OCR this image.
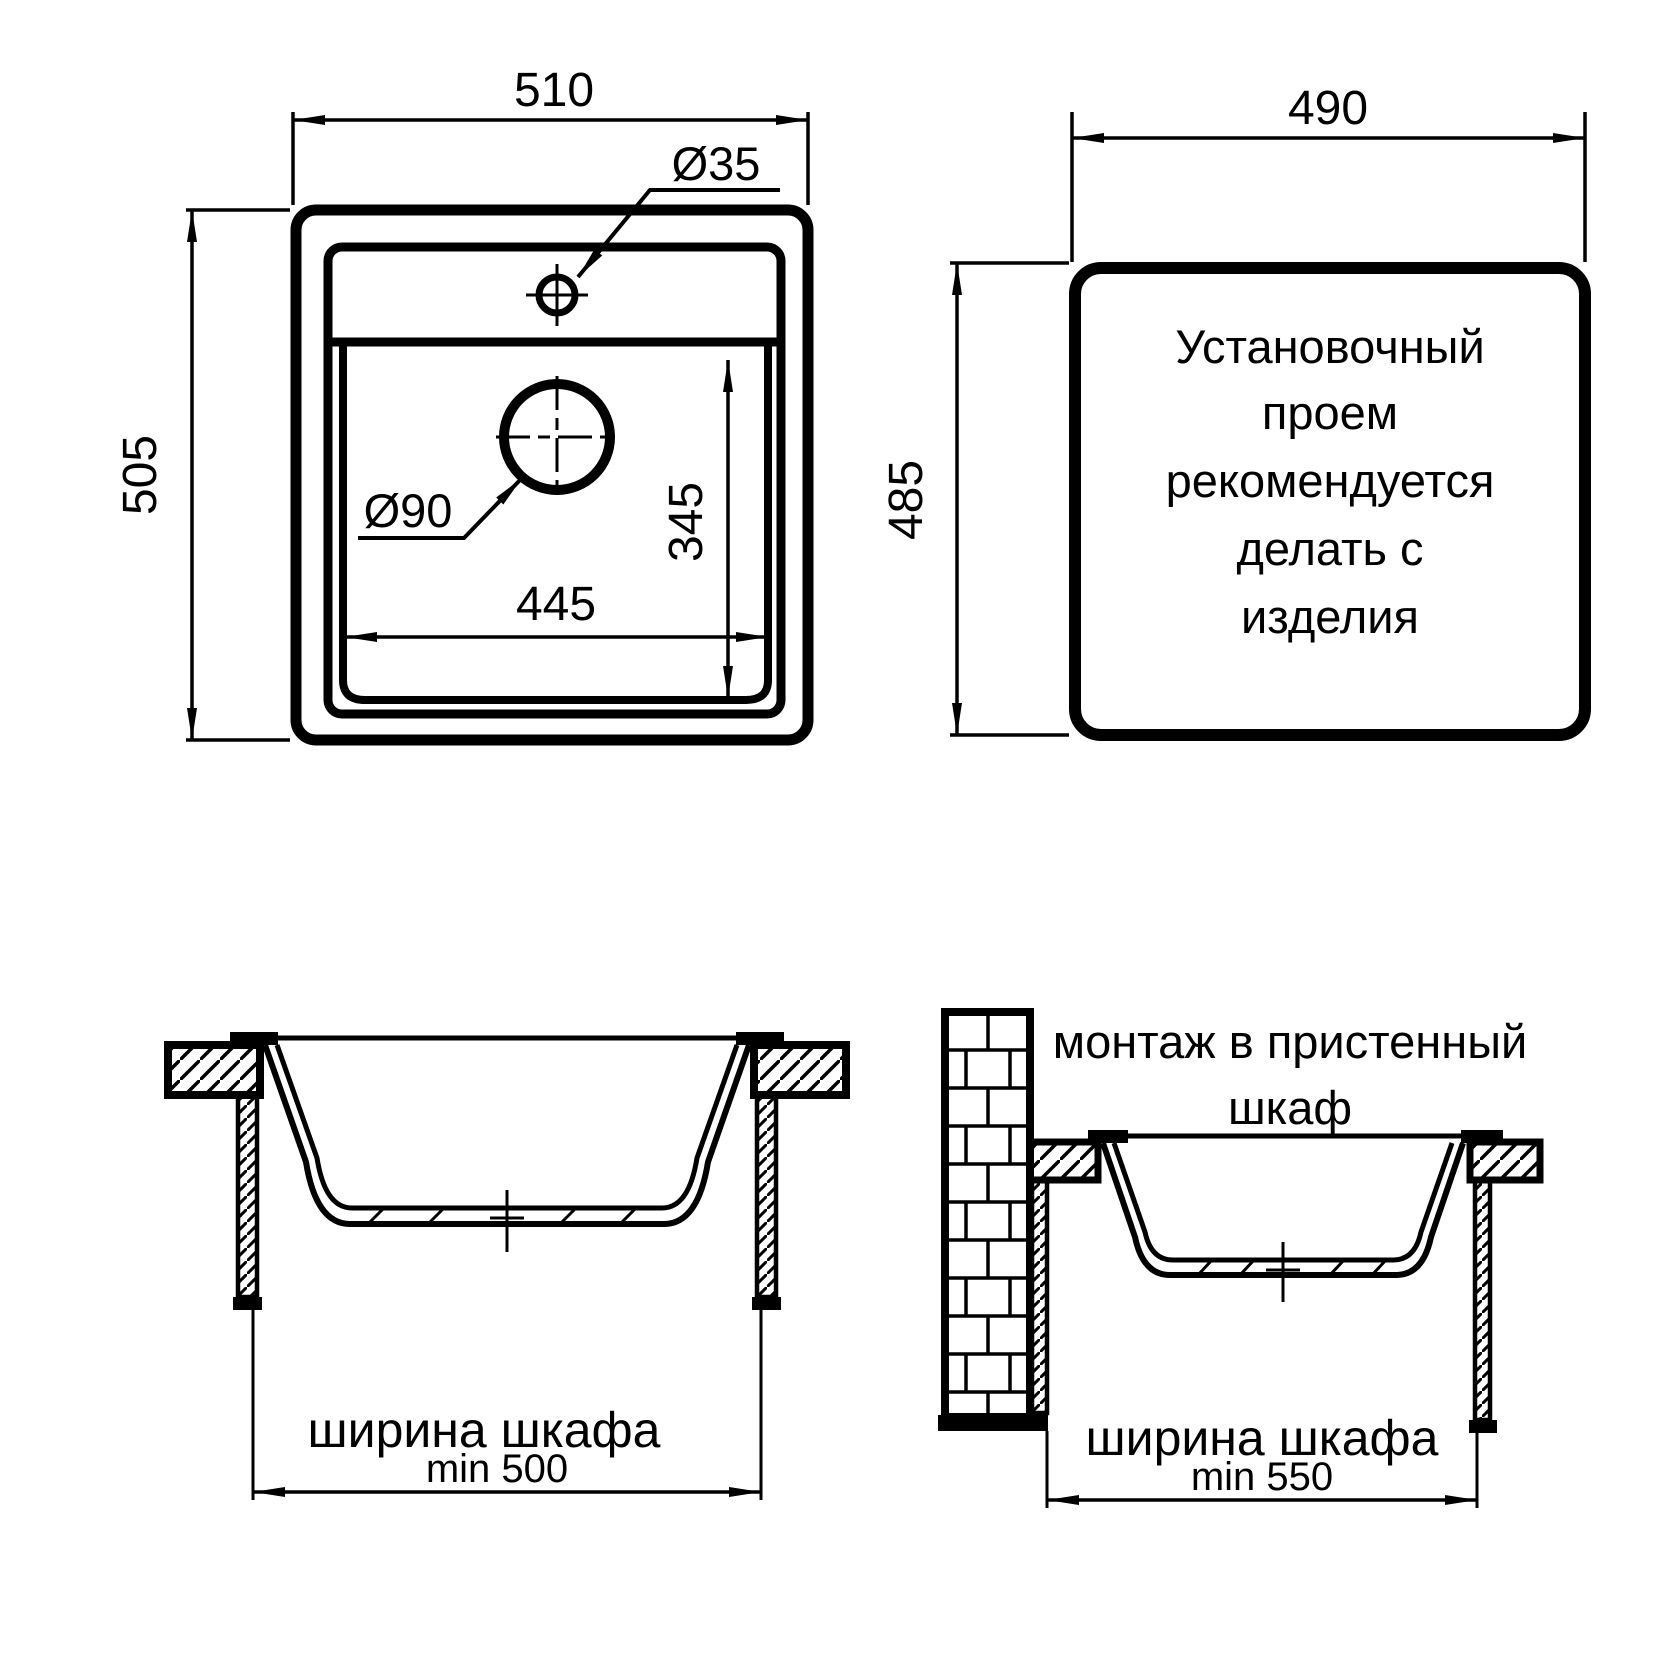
510
505
445
345
Ø35
Ø90
490
485
Установочный
проем
рекомендуется
делать с
изделия
ширина шкафа
min 500
монтаж в пристенный
шкаф
ширина шкафа
min 550
